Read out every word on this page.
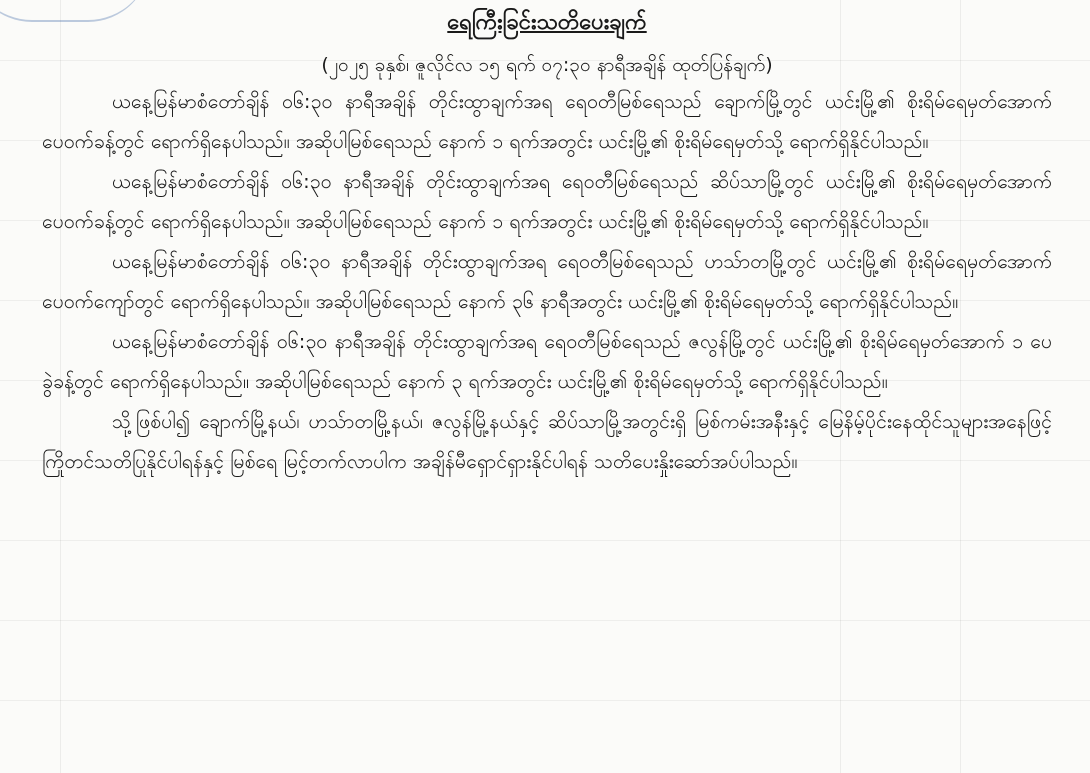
ရေကြီးခြင်းသတိပေးချက်
(၂၀၂၅ ခုနှစ်၊ ဇူလိုင်လ ၁၅ ရက် ၀၇:၃၀ နာရီအချိန် ထုတ်ပြန်ချက်)

ယနေ့မြန်မာစံတော်ချိန် ၀၆:၃၀ နာရီအချိန် တိုင်းထွာချက်အရ ရေ၀တီမြစ်ရေသည် ချောက်မြို့တွင် ယင်းမြို့၏ စိုးရိမ်ရေမှတ်အောက် ပေ၀က်ခန့်တွင် ရောက်ရှိနေပါသည်။ အဆိုပါမြစ်ရေသည် နောက် ၁ ရက်အတွင်း ယင်းမြို့၏ စိုးရိမ်ရေမှတ်သို့ ရောက်ရှိနိုင်ပါသည်။

ယနေ့မြန်မာစံတော်ချိန် ၀၆:၃၀ နာရီအချိန် တိုင်းထွာချက်အရ ရေ၀တီမြစ်ရေသည် ဆိပ်သာမြို့တွင် ယင်းမြို့၏ စိုးရိမ်ရေမှတ်အောက် ပေ၀က်ခန့်တွင် ရောက်ရှိနေပါသည်။ အဆိုပါမြစ်ရေသည် နောက် ၁ ရက်အတွင်း ယင်းမြို့၏ စိုးရိမ်ရေမှတ်သို့ ရောက်ရှိနိုင်ပါသည်။

ယနေ့မြန်မာစံတော်ချိန် ၀၆:၃၀ နာရီအချိန် တိုင်းထွာချက်အရ ရေ၀တီမြစ်ရေသည် ဟသ်ာတမြို့တွင် ယင်းမြို့၏ စိုးရိမ်ရေမှတ်အောက် ပေ၀က်ကျော်တွင် ရောက်ရှိနေပါသည်။ အဆိုပါမြစ်ရေသည် နောက် ၃၆ နာရီအတွင်း ယင်းမြို့၏ စိုးရိမ်ရေမှတ်သို့ ရောက်ရှိနိုင်ပါသည်။

ယနေ့မြန်မာစံတော်ချိန် ၀၆:၃၀ နာရီအချိန် တိုင်းထွာချက်အရ ရေ၀တီမြစ်ရေသည် ဇလွန်မြို့တွင် ယင်းမြို့၏ စိုးရိမ်ရေမှတ်အောက် ၁ ပေခွဲခန့်တွင် ရောက်ရှိနေပါသည်။ အဆိုပါမြစ်ရေသည် နောက် ၃ ရက်အတွင်း ယင်းမြို့၏ စိုးရိမ်ရေမှတ်သို့ ရောက်ရှိနိုင်ပါသည်။

သို့ဖြစ်ပါ၍ ချောက်မြို့နယ်၊ ဟသ်ာတမြို့နယ်၊ ဇလွန်မြို့နယ်နှင့် ဆိပ်သာမြို့အတွင်းရှိ မြစ်ကမ်းအနီးနှင့် မြေနိမ့်ပိုင်းနေထိုင်သူများအနေဖြင့် ကြိုတင်သတိပြုနိုင်ပါရန်နှင့် မြစ်ရေ မြင့်တက်လာပါက အချိန်မီရှောင်ရှားနိုင်ပါရန် သတိပေးနှိုးဆော်အပ်ပါသည်။
